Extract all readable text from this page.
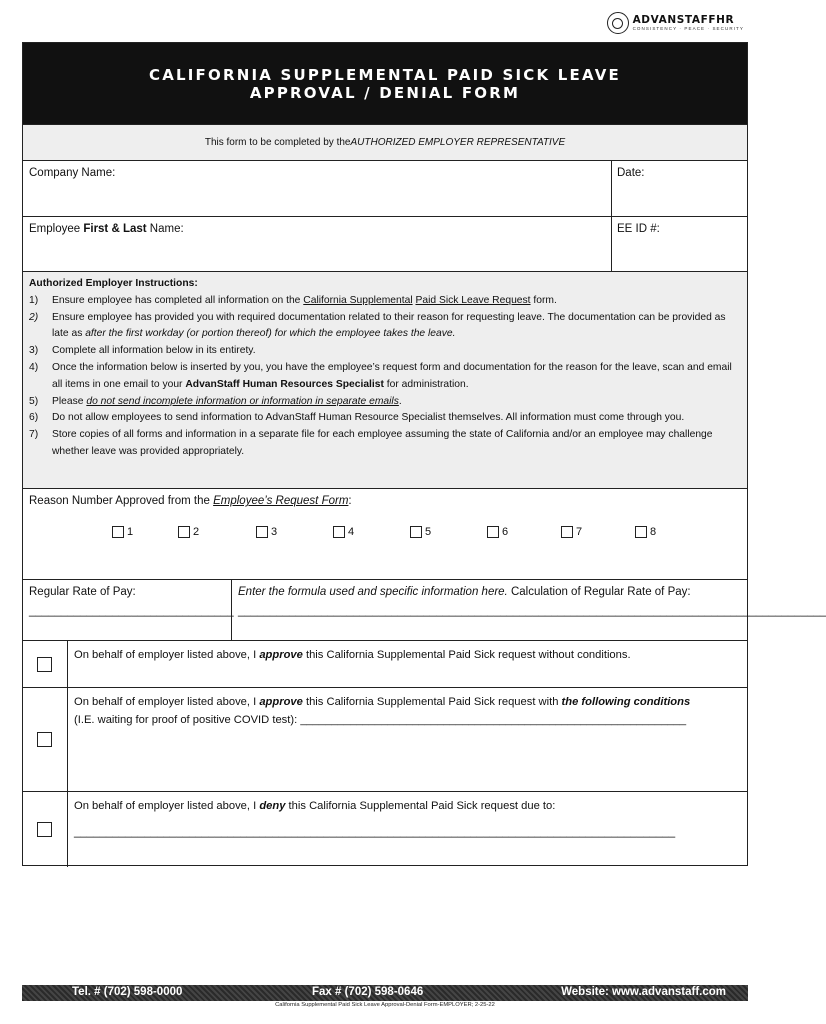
ADVANSTAFFHR
CONSISTENCY · PEACE · SECURITY
CALIFORNIA SUPPLEMENTAL PAID SICK LEAVE
APPROVAL / DENIAL FORM
This form to be completed by the AUTHORIZED EMPLOYER REPRESENTATIVE
Company Name:	Date:
Employee First & Last Name:	EE ID #:
Authorized Employer Instructions:
1) Ensure employee has completed all information on the California Supplemental Paid Sick Leave Request form.
2) Ensure employee has provided you with required documentation related to their reason for requesting leave. The documentation can be provided as late as after the first workday (or portion thereof) for which the employee takes the leave.
3) Complete all information below in its entirety.
4) Once the information below is inserted by you, you have the employee’s request form and documentation for the reason for the leave, scan and email all items in one email to your AdvanStaff Human Resources Specialist for administration.
5) Please do not send incomplete information or information in separate emails.
6) Do not allow employees to send information to AdvanStaff Human Resource Specialist themselves. All information must come through you.
7) Store copies of all forms and information in a separate file for each employee assuming the state of California and/or an employee may challenge whether leave was provided appropriately.
Reason Number Approved from the Employee’s Request Form:
1	2	3	4	5	6	7	8
Regular Rate of Pay:
________________________________
Enter the formula used and specific information here. Calculation of Regular Rate of Pay:
____________________________________________________________________________________________
On behalf of employer listed above, I approve this California Supplemental Paid Sick request without conditions.
On behalf of employer listed above, I approve this California Supplemental Paid Sick request with the following conditions
(I.E. waiting for proof of positive COVID test): ______________________________________________________________
On behalf of employer listed above, I deny this California Supplemental Paid Sick request due to:
______________________________________________________________________________________________
Tel. # (702) 598-0000	Fax # (702) 598-0646	Website: www.advanstaff.com
California Supplemental Paid Sick Leave Approval-Denial Form-EMPLOYER; 2-25-22
